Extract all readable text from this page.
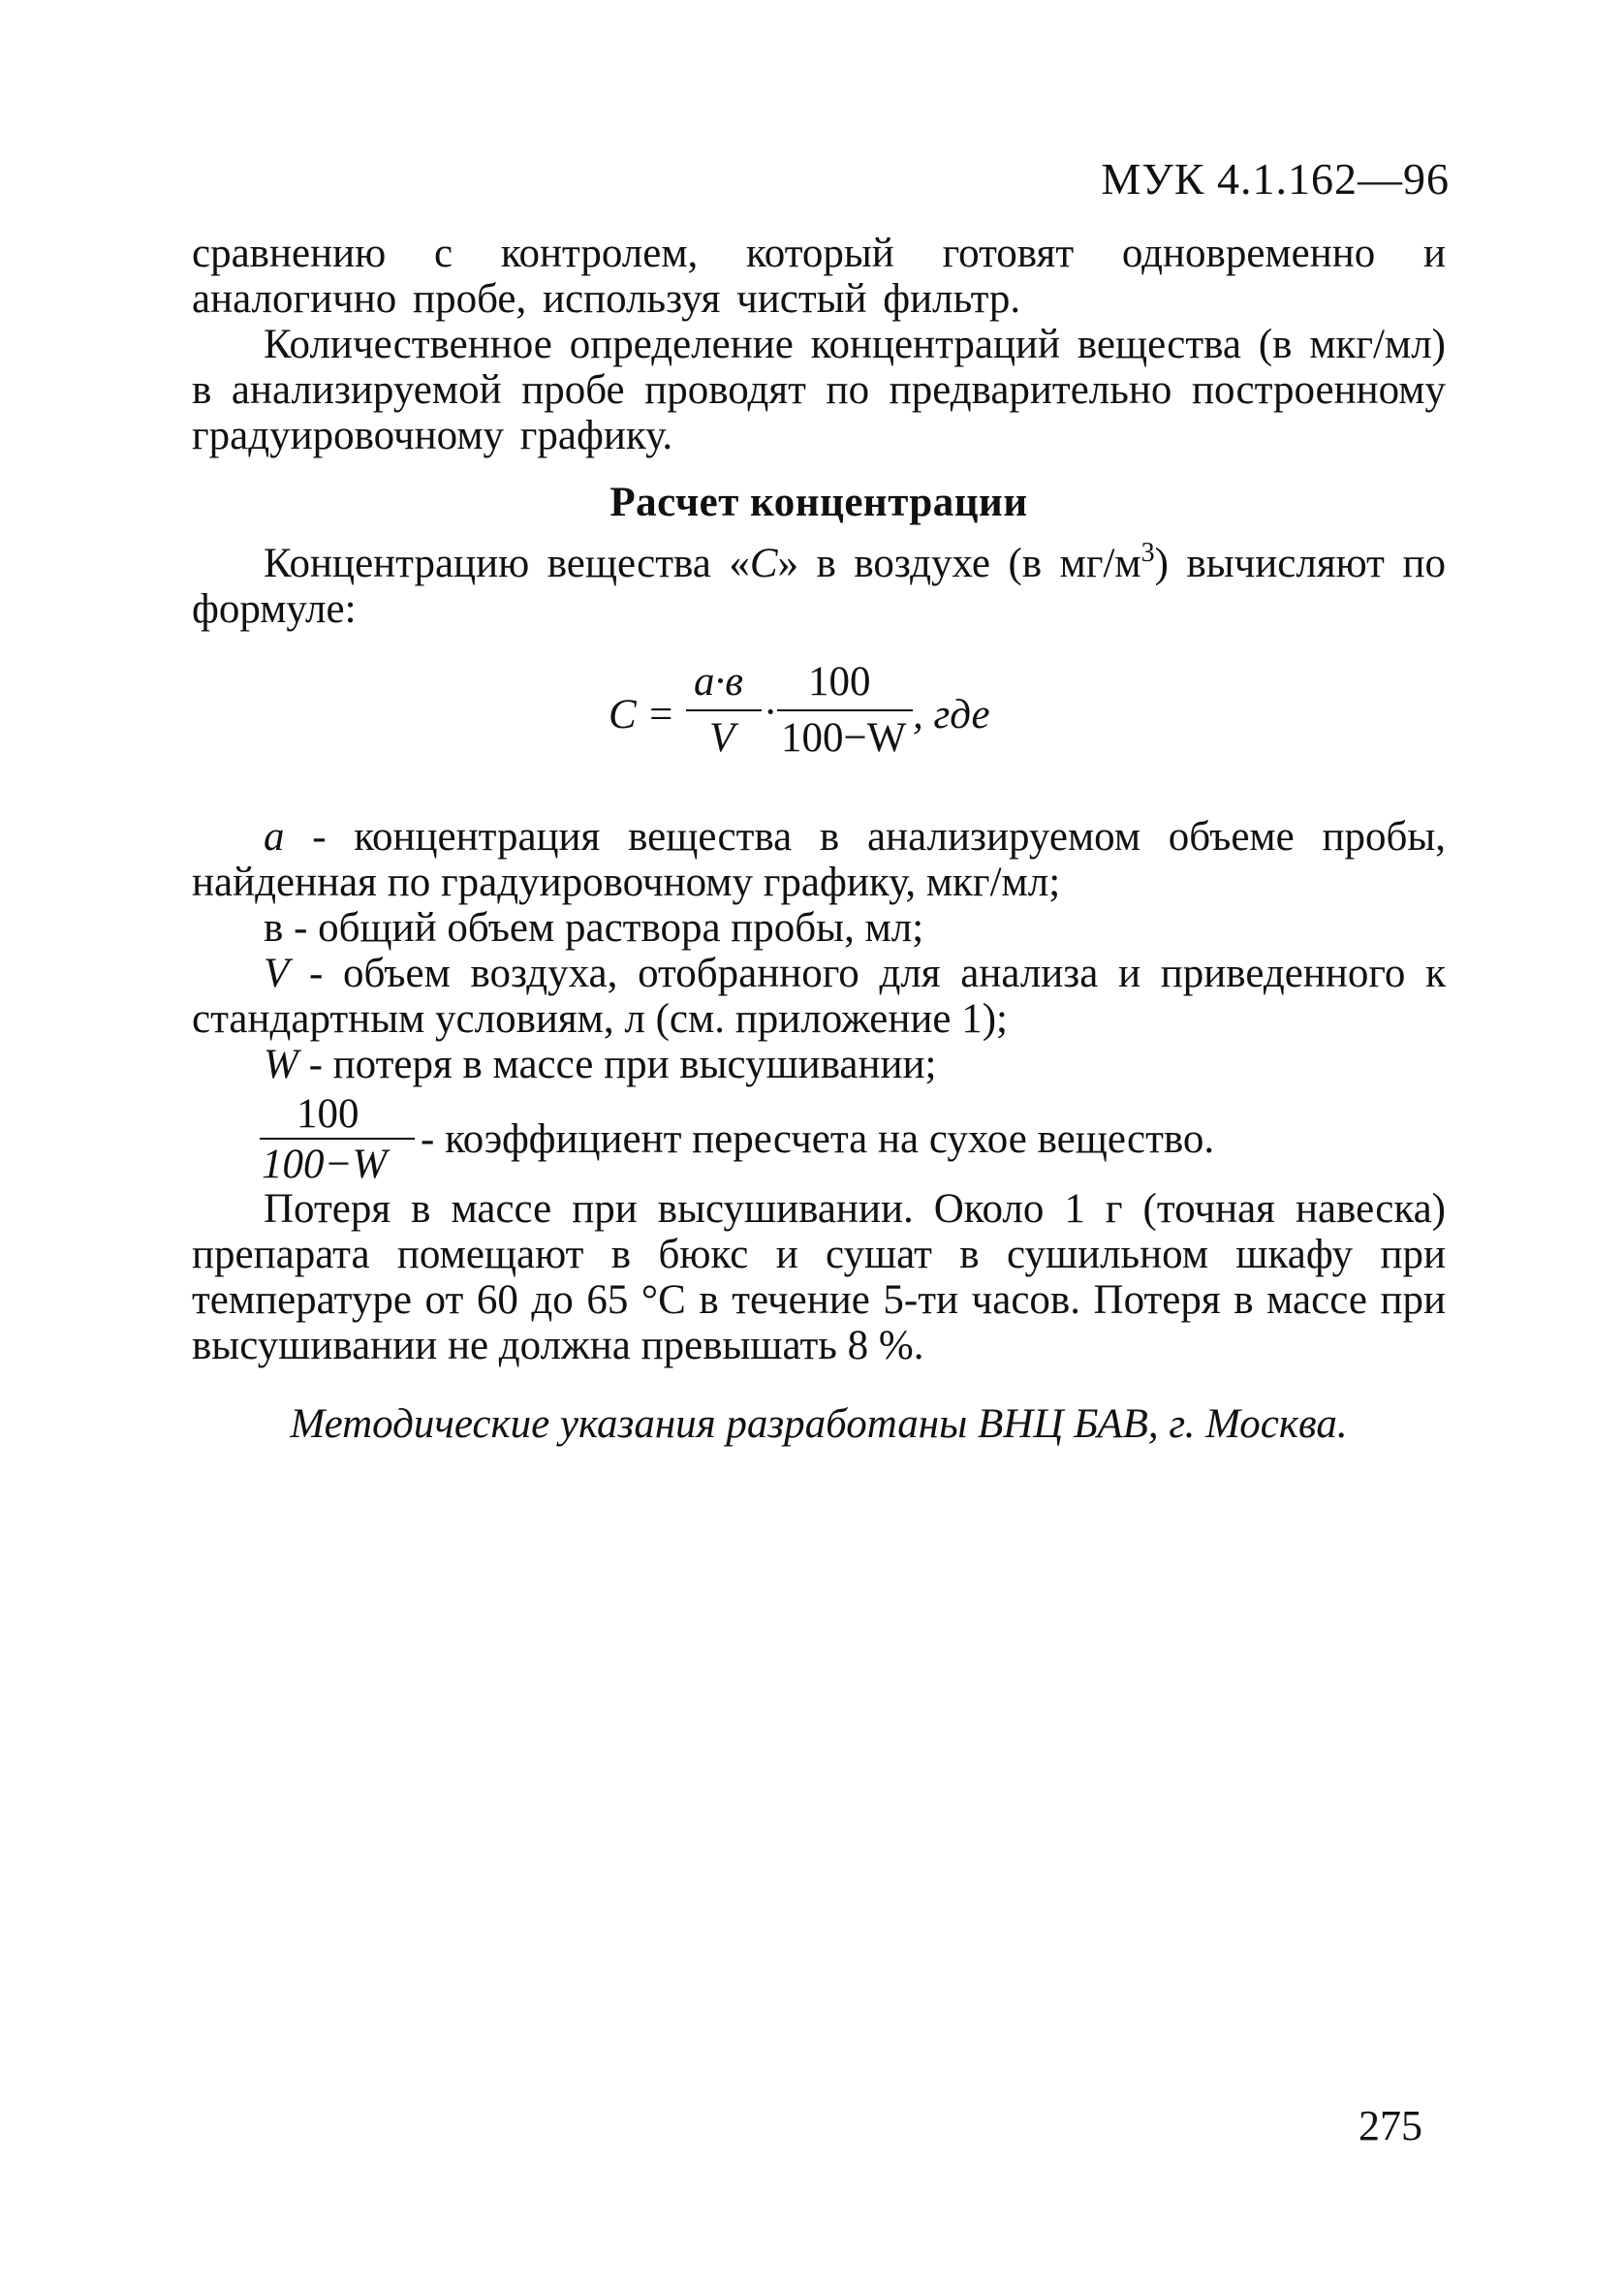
МУК 4.1.162—96

сравнению с контролем, который готовят одновременно и аналогично пробе, используя чистый фильтр.

Количественное определение концентраций вещества (в мкг/мл) в анализируемой пробе проводят по предварительно построенному градуировочному графику.

Расчет концентрации

Концентрацию вещества «С» в воздухе (в $мг/м^3$) вычисляют по формуле:

С =
а·в
V
·
100
100−W
, где

а - концентрация вещества в анализируемом объеме пробы, найденная по градуировочному графику, мкг/мл;

в - общий объем раствора пробы, мл;

V - объем воздуха, отобранного для анализа и приведенного к стандартным условиям, л (см. приложение 1);

W - потеря в массе при высушивании;

100
100−W
- коэффициент пересчета на сухое вещество.

Потеря в массе при высушивании. Около 1 г (точная навеска) препарата помещают в бюкс и сушат в сушильном шкафу при температуре от 60 до 65 °С в течение 5-ти часов. Потеря в массе при высушивании не должна превышать 8 %.

Методические указания разработаны ВНЦ БАВ, г. Москва.
275
